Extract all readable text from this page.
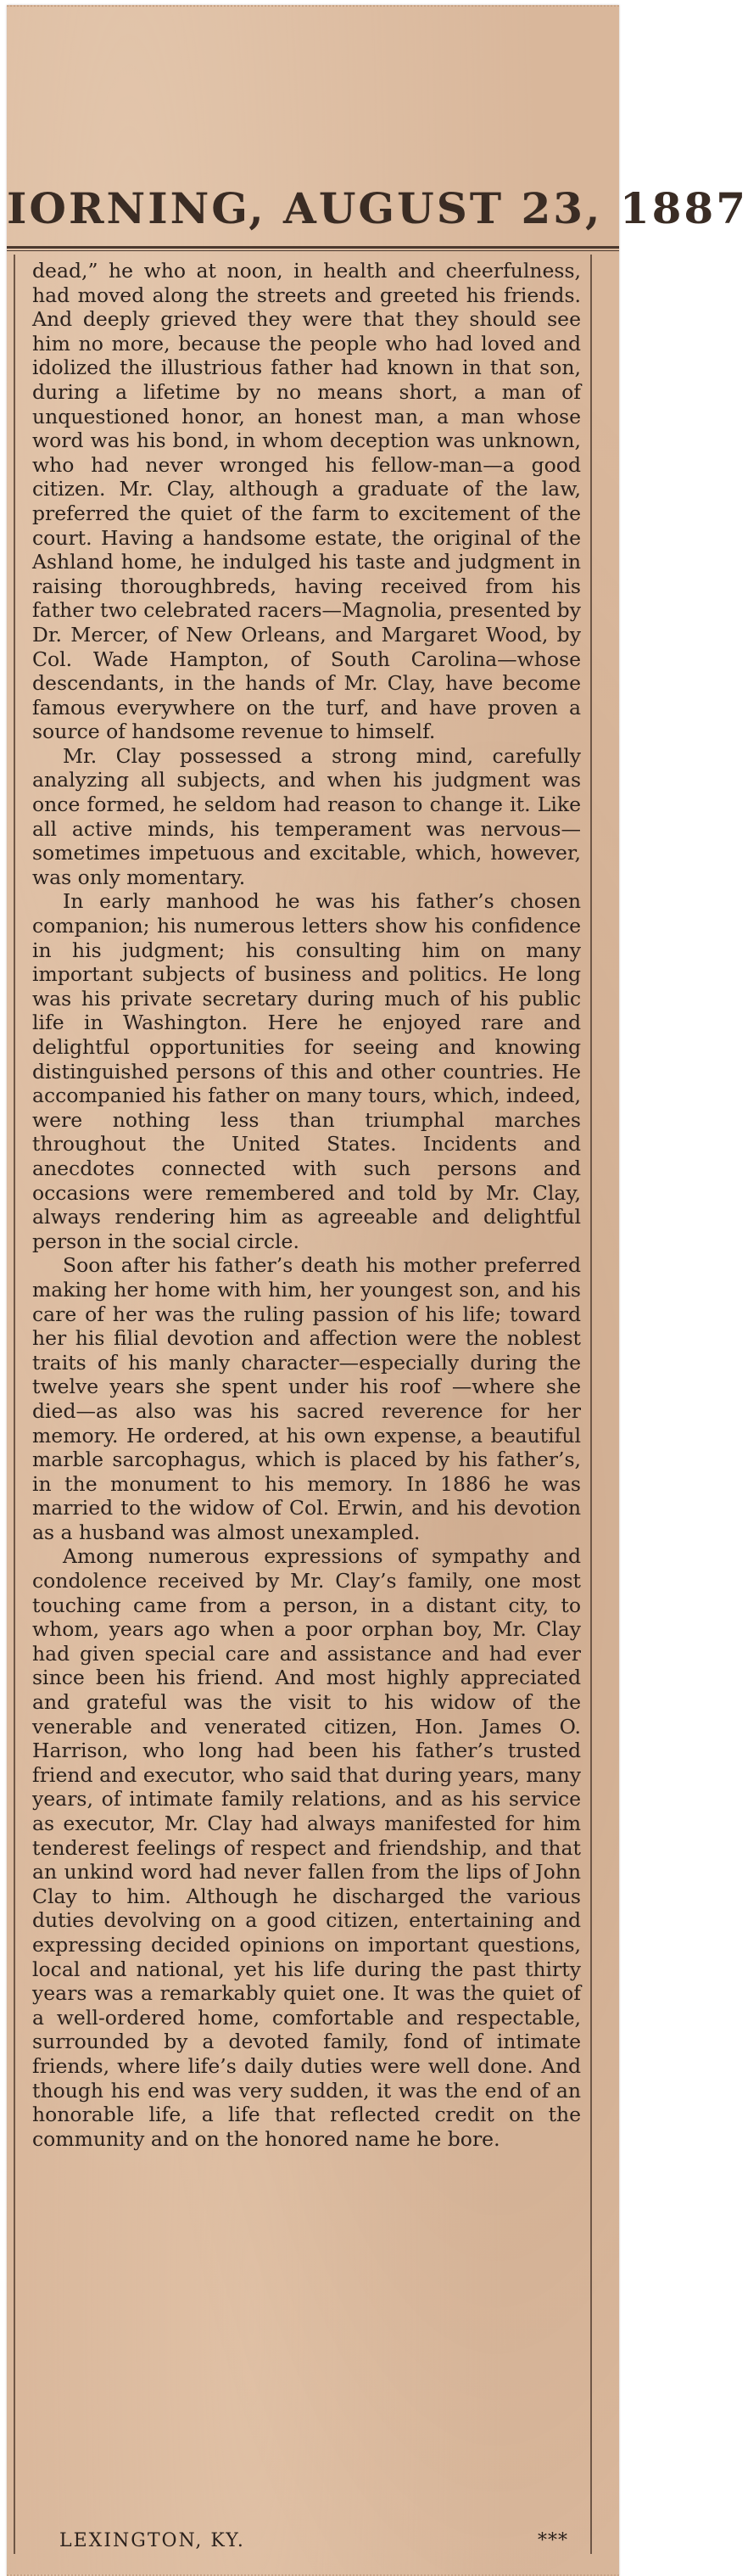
IORNING, AUGUST 23, 1887

dead,” he who at noon, in health and cheerfulness, had moved along the streets and greeted his friends. And deeply grieved they were that they should see him no more, because the people who had loved and idolized the illustrious father had known in that son, during a lifetime by no means short, a man of unquestioned honor, an honest man, a man whose word was his bond, in whom deception was unknown, who had never wronged his fellow-man—a good citizen. Mr. Clay, although a graduate of the law, preferred the quiet of the farm to excitement of the court. Having a handsome estate, the original of the Ashland home, he indulged his taste and judgment in raising thoroughbreds, having received from his father two celebrated racers—Magnolia, presented by Dr. Mercer, of New Orleans, and Margaret Wood, by Col. Wade Hampton, of South Carolina—whose descendants, in the hands of Mr. Clay, have become famous everywhere on the turf, and have proven a source of handsome revenue to himself.

Mr. Clay possessed a strong mind, carefully analyzing all subjects, and when his judgment was once formed, he seldom had reason to change it. Like all active minds, his temperament was nervous—sometimes impetuous and excitable, which, however, was only momentary.

In early manhood he was his father’s chosen companion; his numerous letters show his confidence in his judgment; his consulting him on many important subjects of business and politics. He long was his private secretary during much of his public life in Washington. Here he enjoyed rare and delightful opportunities for seeing and knowing distinguished persons of this and other countries. He accompanied his father on many tours, which, indeed, were nothing less than triumphal marches throughout the United States. Incidents and anecdotes connected with such persons and occasions were remembered and told by Mr. Clay, always rendering him as agreeable and delightful person in the social circle.

Soon after his father’s death his mother preferred making her home with him, her youngest son, and his care of her was the ruling passion of his life; toward her his filial devotion and affection were the noblest traits of his manly character—especially during the twelve years she spent under his roof —where she died—as also was his sacred reverence for her memory. He ordered, at his own expense, a beautiful marble sarcophagus, which is placed by his father’s, in the monument to his memory. In 1886 he was married to the widow of Col. Erwin, and his devotion as a husband was almost unexampled.

Among numerous expressions of sympathy and condolence received by Mr. Clay’s family, one most touching came from a person, in a distant city, to whom, years ago when a poor orphan boy, Mr. Clay had given special care and assistance and had ever since been his friend. And most highly appreciated and grateful was the visit to his widow of the venerable and venerated citizen, Hon. James O. Harrison, who long had been his father’s trusted friend and executor, who said that during years, many years, of intimate family relations, and as his service as executor, Mr. Clay had always manifested for him tenderest feelings of respect and friendship, and that an unkind word had never fallen from the lips of John Clay to him. Although he discharged the various duties devolving on a good citizen, entertaining and expressing decided opinions on important questions, local and national, yet his life during the past thirty years was a remarkably quiet one. It was the quiet of a well-ordered home, comfortable and respectable, surrounded by a devoted family, fond of intimate friends, where life’s daily duties were well done. And though his end was very sudden, it was the end of an honorable life, a life that reflected credit on the community and on the honored name he bore.

LEXINGTON, KY.	***
